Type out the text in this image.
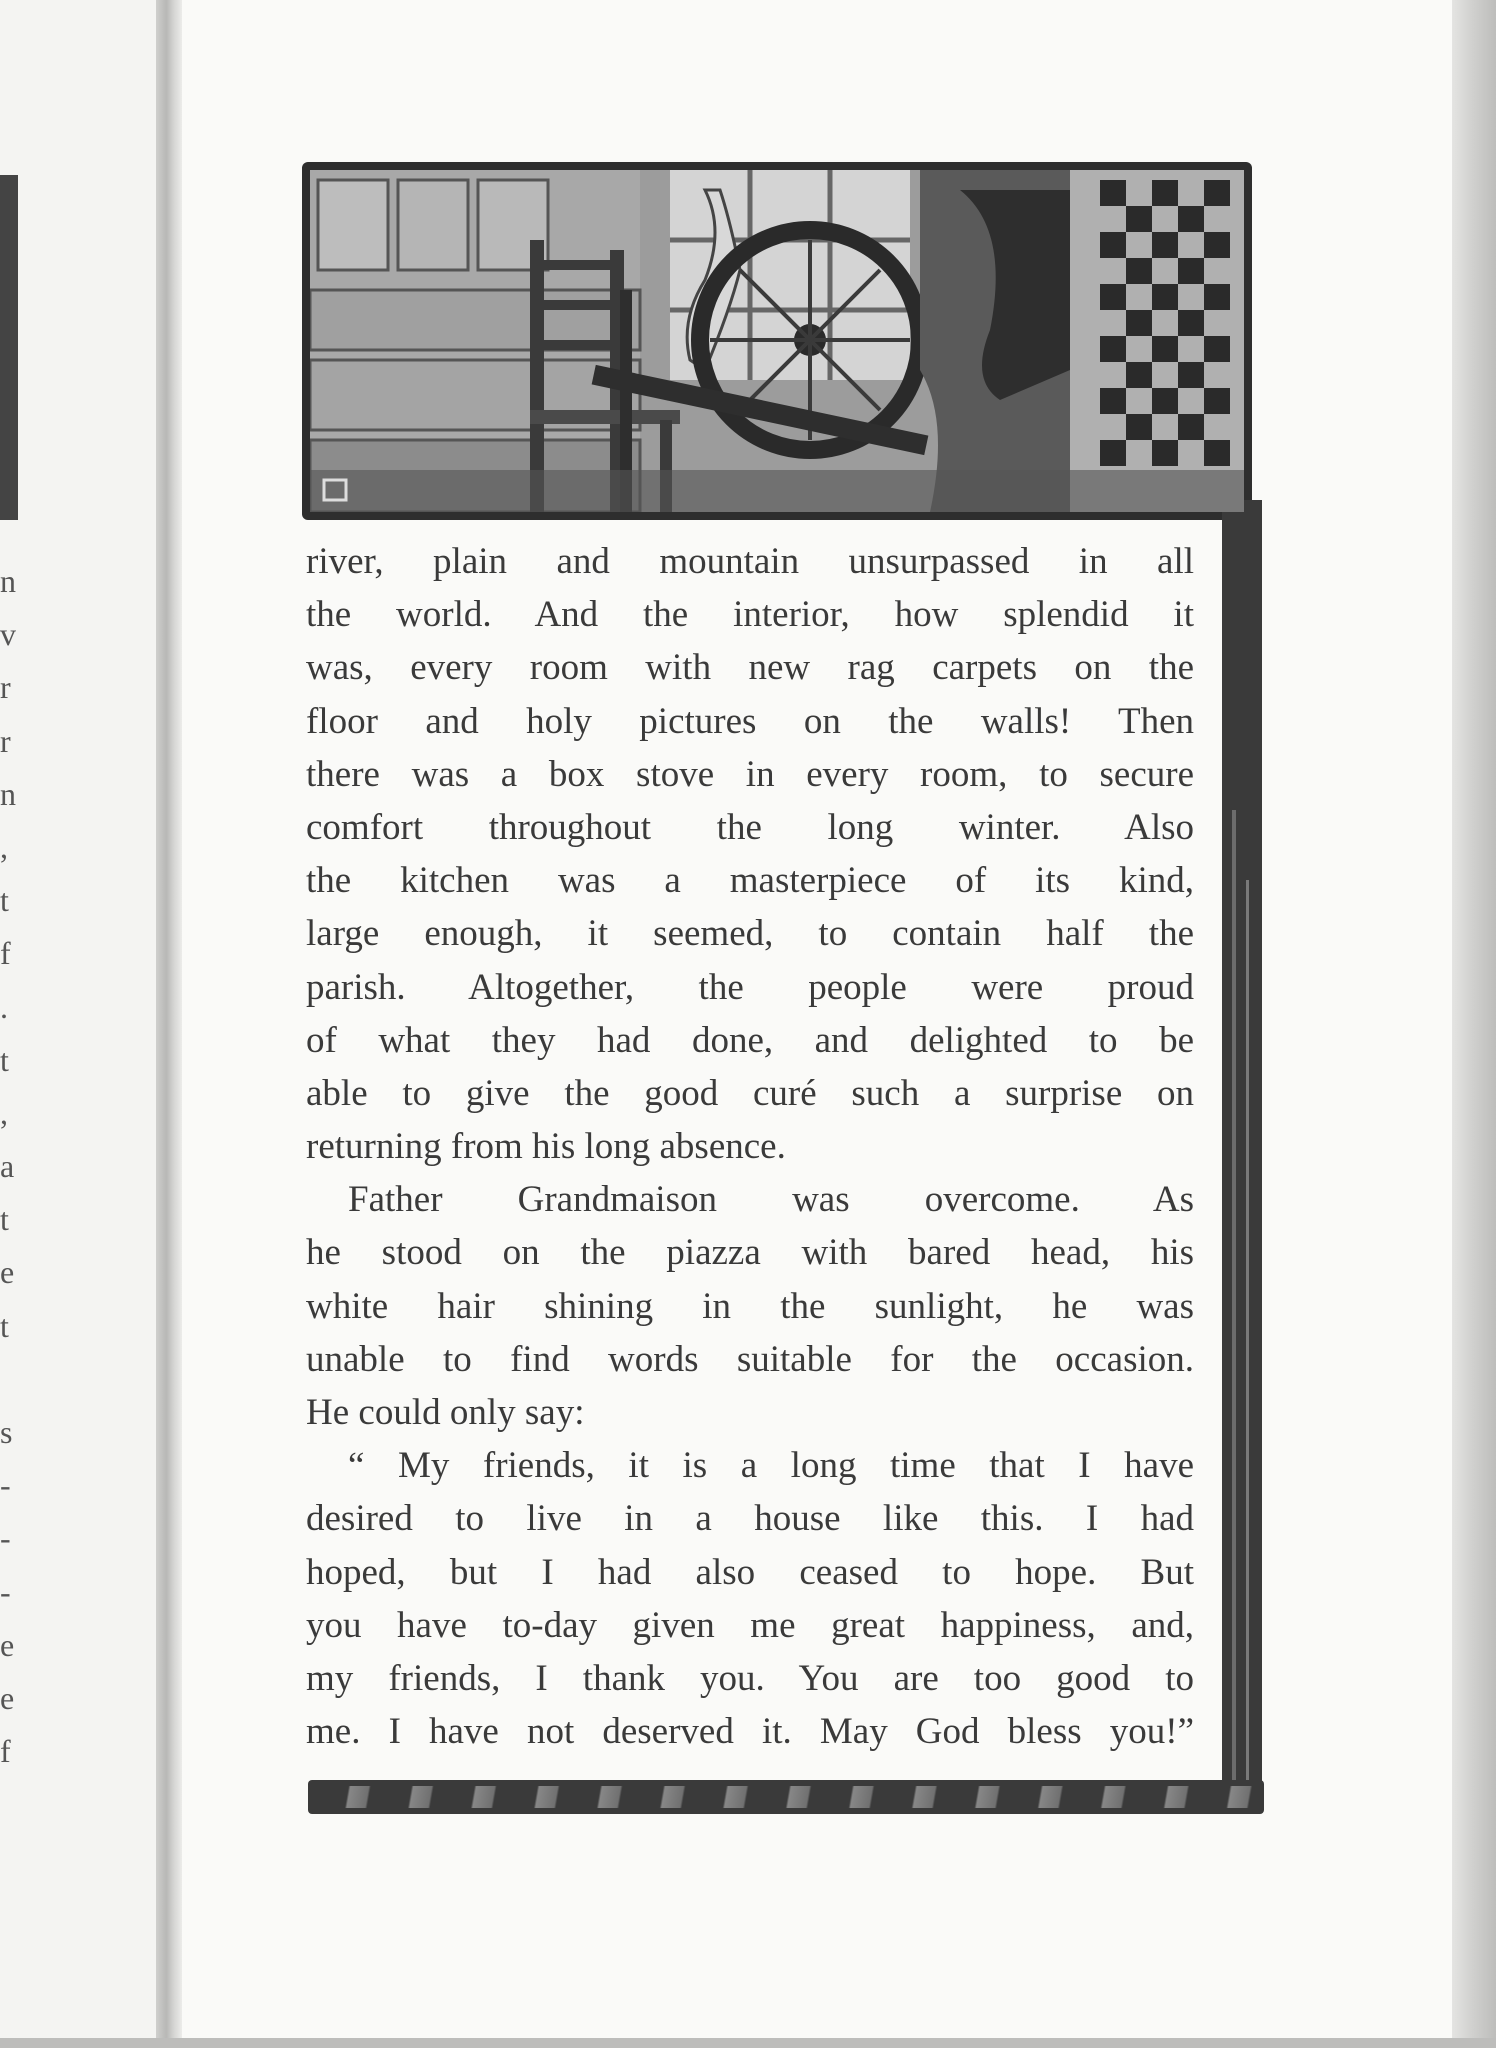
n
v
r
r
n
,
t
f
.
t
,
a
t
e
t
s
-
-
-
e
e
f
river, plain and mountain unsurpassed in all
the world. And the interior, how splendid it
was, every room with new rag carpets on the
floor and holy pictures on the walls! Then
there was a box stove in every room, to secure
comfort throughout the long winter. Also
the kitchen was a masterpiece of its kind,
large enough, it seemed, to contain half the
parish. Altogether, the people were proud
of what they had done, and delighted to be
able to give the good curé such a surprise on
returning from his long absence.
Father Grandmaison was overcome. As
he stood on the piazza with bared head, his
white hair shining in the sunlight, he was
unable to find words suitable for the occasion.
He could only say:
“ My friends, it is a long time that I have
desired to live in a house like this. I had
hoped, but I had also ceased to hope. But
you have to-day given me great happiness, and,
my friends, I thank you. You are too good to
me. I have not deserved it. May God bless you!”
